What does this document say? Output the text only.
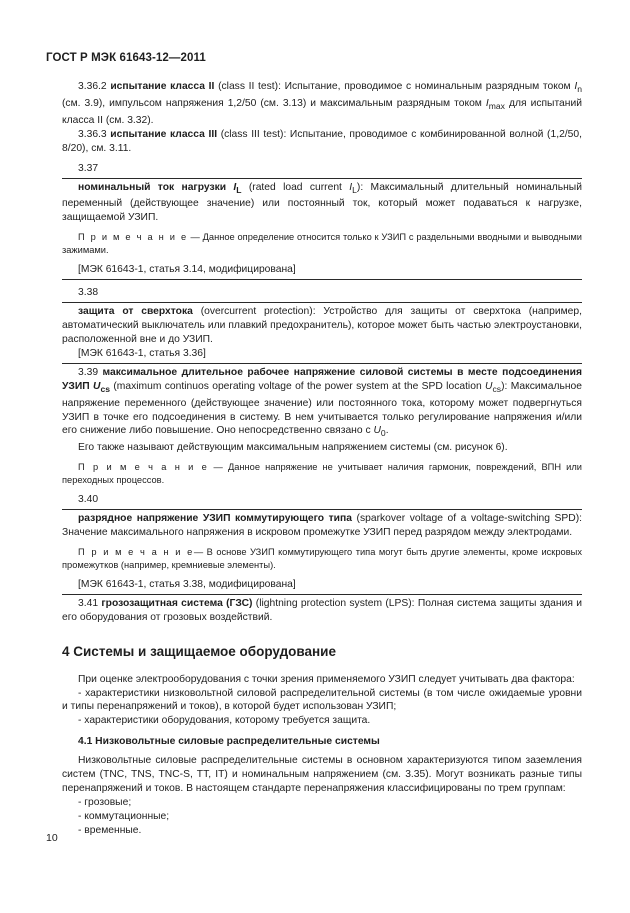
ГОСТ Р МЭК 61643-12—2011

3.36.2 испытание класса II (class II test): Испытание, проводимое с номинальным разрядным током $I_n$ (см. 3.9), импульсом напряжения 1,2/50 (см. 3.13) и максимальным разрядным током $I_{max}$ для испытаний класса II (см. 3.32).

3.36.3 испытание класса III (class III test): Испытание, проводимое с комбинированной волной (1,2/50, 8/20), см. 3.11.

3.37

номинальный ток нагрузки $I_L$ (rated load current $I_L$): Максимальный длительный номинальный переменный (действующее значение) или постоянный ток, который может подаваться к нагрузке, защищаемой УЗИП.

П р и м е ч а н и е — Данное определение относится только к УЗИП с раздельными вводными и выводными зажимами.

[МЭК 61643-1, статья 3.14, модифицирована]

3.38

защита от сверхтока (overcurrent protection): Устройство для защиты от сверхтока (например, автоматический выключатель или плавкий предохранитель), которое может быть частью электроустановки, расположенной вне и до УЗИП.

[МЭК 61643-1, статья 3.36]

3.39 максимальное длительное рабочее напряжение силовой системы в месте подсоединения УЗИП $U_{cs}$ (maximum continuos operating voltage of the power system at the SPD location $U_{cs}$): Максимальное напряжение переменного (действующее значение) или постоянного тока, которому может подвергнуться УЗИП в точке его подсоединения в систему. В нем учитывается только регулирование напряжения и/или его снижение либо повышение. Оно непосредственно связано с $U_0$.

Его также называют действующим максимальным напряжением системы (см. рисунок 6).

П р и м е ч а н и е — Данное напряжение не учитывает наличия гармоник, повреждений, ВПН или переходных процессов.

3.40

разрядное напряжение УЗИП коммутирующего типа (sparkover voltage of a voltage-switching SPD): Значение максимального напряжения в искровом промежутке УЗИП перед разрядом между электродами.

П р и м е ч а н и е— В основе УЗИП коммутирующего типа могут быть другие элементы, кроме искровых промежутков (например, кремниевые элементы).

[МЭК 61643-1, статья 3.38, модифицирована]

3.41 грозозащитная система (ГЗС) (lightning protection system (LPS): Полная система защиты здания и его оборудования от грозовых воздействий.

4 Системы и защищаемое оборудование

При оценке электрооборудования с точки зрения применяемого УЗИП следует учитывать два фактора:

- характеристики низковольтной силовой распределительной системы (в том числе ожидаемые уровни и типы перенапряжений и токов), в которой будет использован УЗИП;

- характеристики оборудования, которому требуется защита.

4.1 Низковольтные силовые распределительные системы

Низковольтные силовые распределительные системы в основном характеризуются типом заземления систем (TNC, TNS, TNC-S, TT, IT) и номинальным напряжением (см. 3.35). Могут возникать разные типы перенапряжений и токов. В настоящем стандарте перенапряжения классифицированы по трем группам:

- грозовые;

- коммутационные;

- временные.

10
